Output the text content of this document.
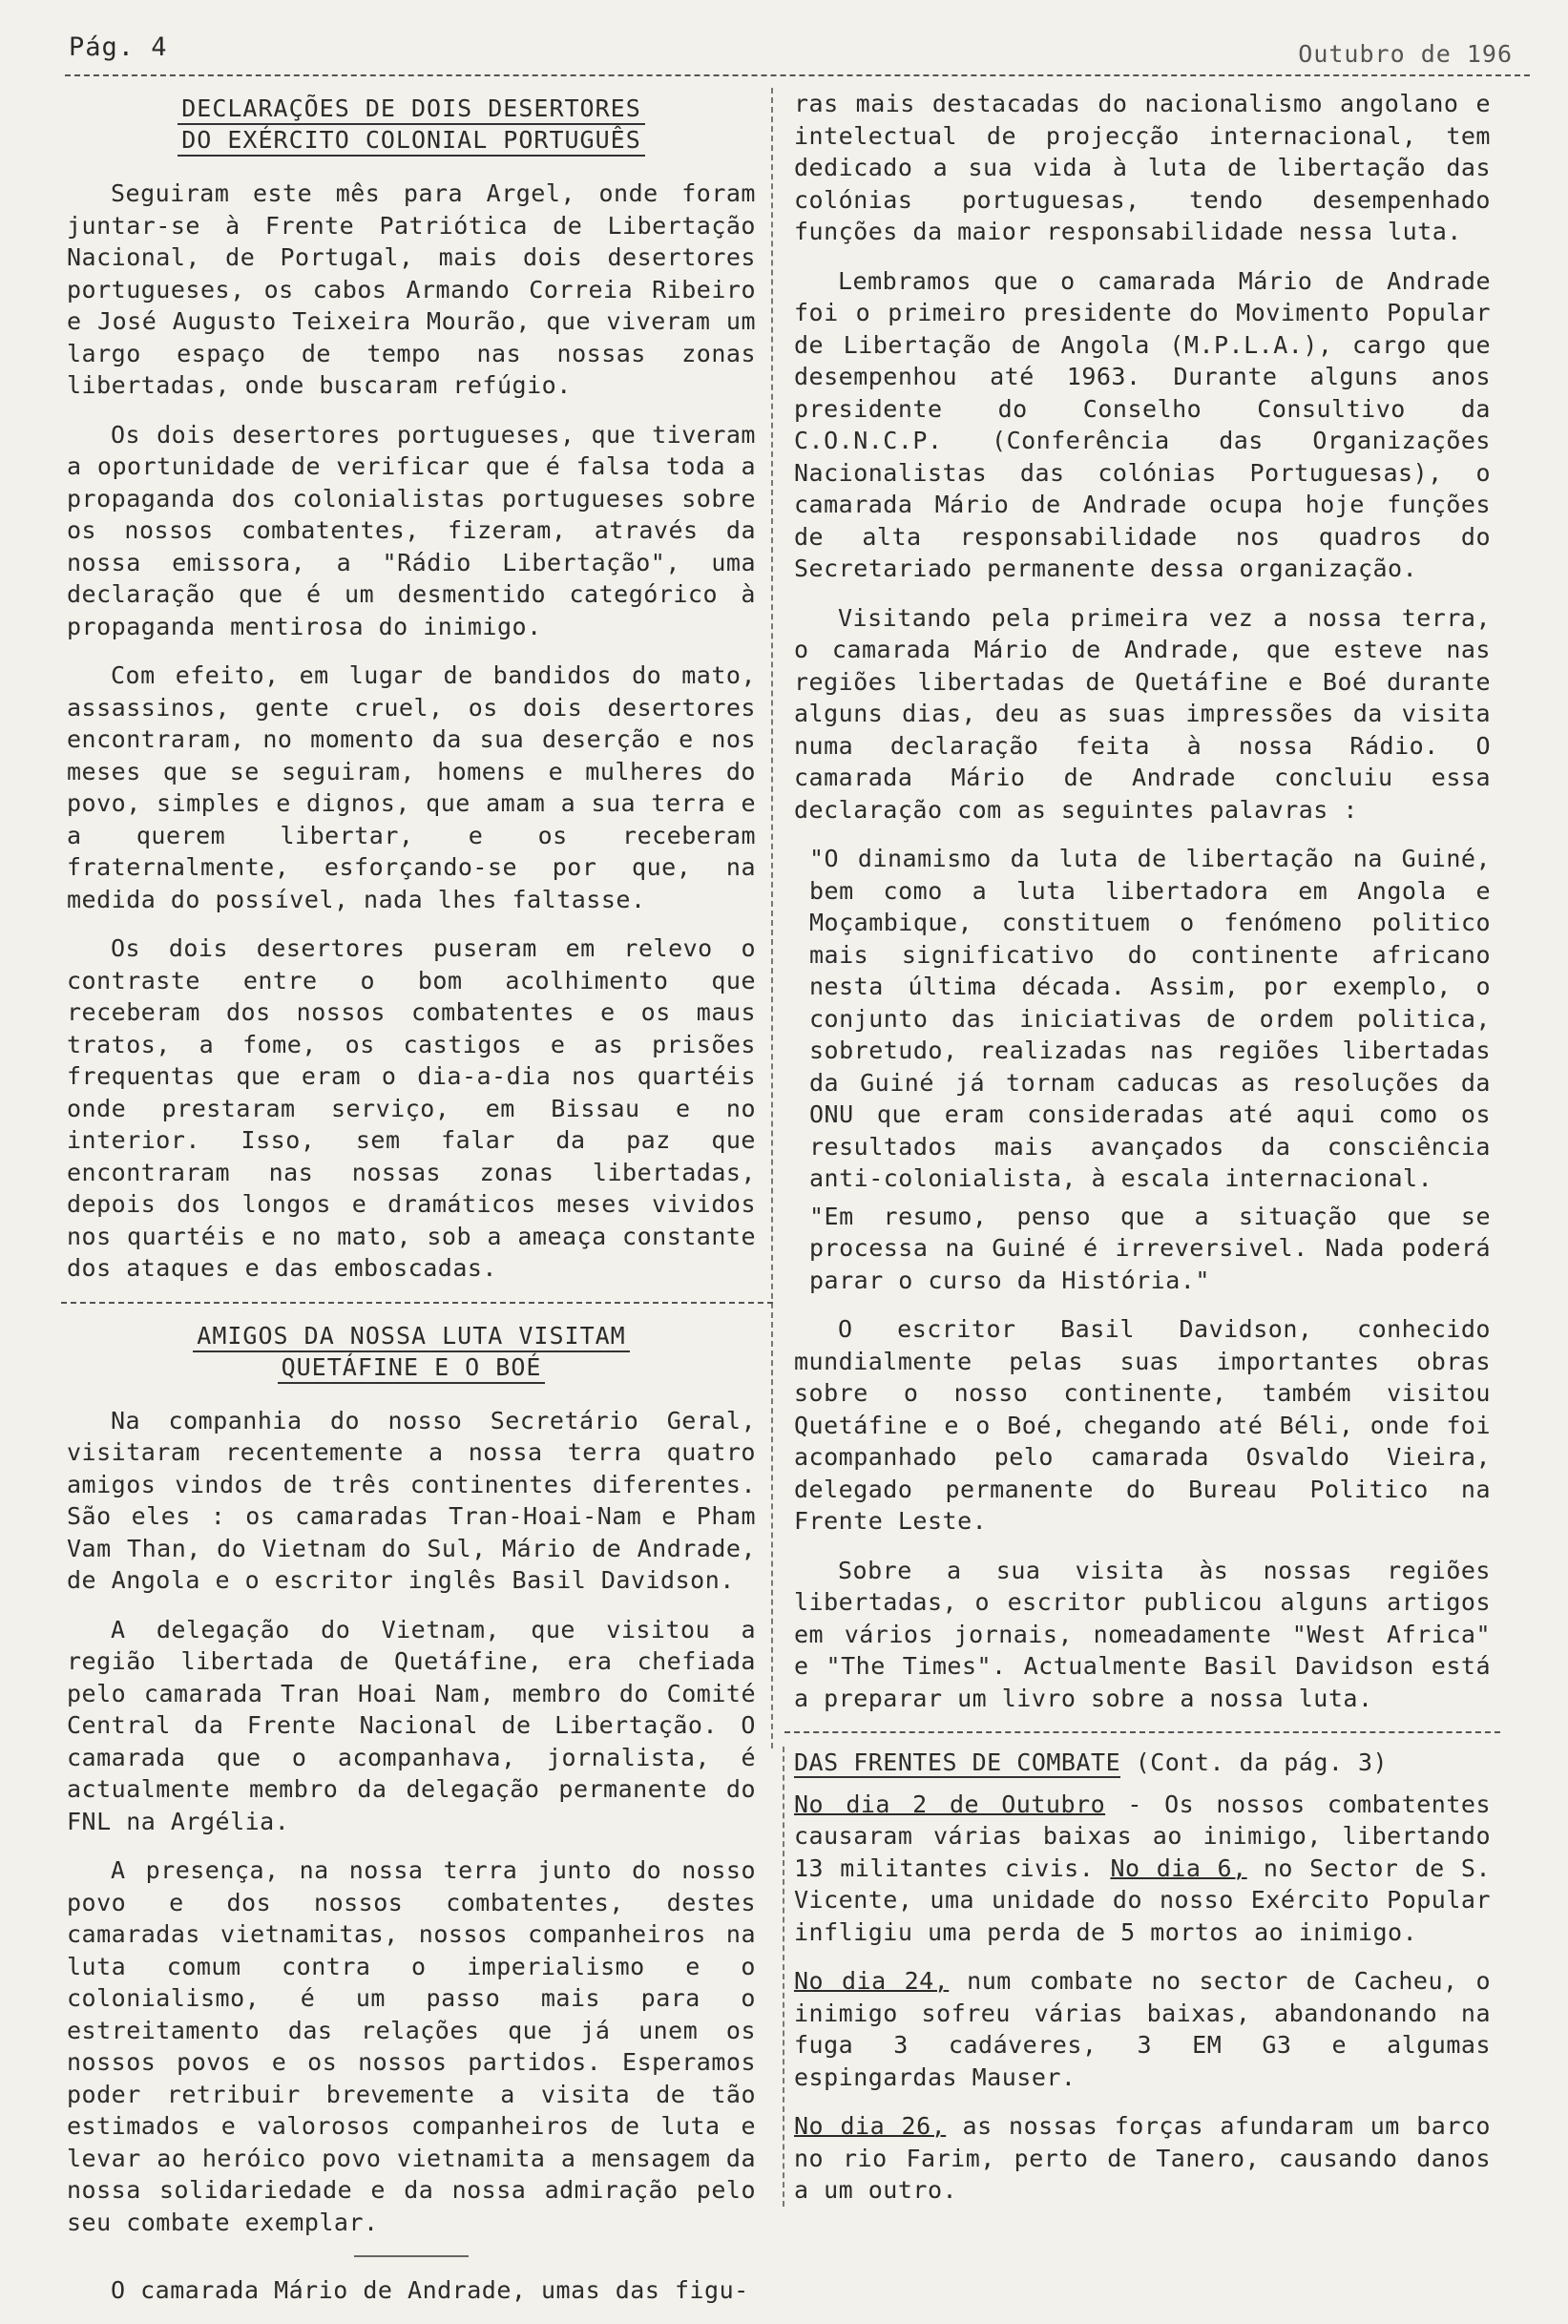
Pág. 4	Outubro de 196
DECLARAÇÕES DE DOIS DESERTORES
DO EXÉRCITO COLONIAL PORTUGUÊS

Seguiram este mês para Argel, onde foram juntar-se à Frente Patriótica de Libertação Nacional, de Portugal, mais dois desertores portugueses, os cabos Armando Correia Ribeiro e José Augusto Teixeira Mourão, que viveram um largo espaço de tempo nas nossas zonas libertadas, onde buscaram refúgio.

Os dois desertores portugueses, que tiveram a oportunidade de verificar que é falsa toda a propaganda dos colonialistas portugueses sobre os nossos combatentes, fizeram, através da nossa emissora, a "Rádio Libertação", uma declaração que é um desmentido categórico à propaganda mentirosa do inimigo.

Com efeito, em lugar de bandidos do mato, assassinos, gente cruel, os dois desertores encontraram, no momento da sua deserção e nos meses que se seguiram, homens e mulheres do povo, simples e dignos, que amam a sua terra e a querem libertar, e os receberam fraternalmente, esforçando-se por que, na medida do possível, nada lhes faltasse.

Os dois desertores puseram em relevo o contraste entre o bom acolhimento que receberam dos nossos combatentes e os maus tratos, a fome, os castigos e as prisões frequentas que eram o dia-a-dia nos quartéis onde prestaram serviço, em Bissau e no interior. Isso, sem falar da paz que encontraram nas nossas zonas libertadas, depois dos longos e dramáticos meses vividos nos quartéis e no mato, sob a ameaça constante dos ataques e das emboscadas.

AMIGOS DA NOSSA LUTA VISITAM
QUETÁFINE E O BOÉ

Na companhia do nosso Secretário Geral, visitaram recentemente a nossa terra quatro amigos vindos de três continentes diferentes. São eles : os camaradas Tran-Hoai-Nam e Pham Vam Than, do Vietnam do Sul, Mário de Andrade, de Angola e o escritor inglês Basil Davidson.

A delegação do Vietnam, que visitou a região libertada de Quetáfine, era chefiada pelo camarada Tran Hoai Nam, membro do Comité Central da Frente Nacional de Libertação. O camarada que o acompanhava, jornalista, é actualmente membro da delegação permanente do FNL na Argélia.

A presença, na nossa terra junto do nosso povo e dos nossos combatentes, destes camaradas vietnamitas, nossos companheiros na luta comum contra o imperialismo e o colonialismo, é um passo mais para o estreitamento das relações que já unem os nossos povos e os nossos partidos. Esperamos poder retribuir brevemente a visita de tão estimados e valorosos companheiros de luta e levar ao heróico povo vietnamita a mensagem da nossa solidariedade e da nossa admiração pelo seu combate exemplar.

O camarada Mário de Andrade, umas das figu-

ras mais destacadas do nacionalismo angolano e intelectual de projecção internacional, tem dedicado a sua vida à luta de libertação das colónias portuguesas, tendo desempenhado funções da maior responsabilidade nessa luta.

Lembramos que o camarada Mário de Andrade foi o primeiro presidente do Movimento Popular de Libertação de Angola (M.P.L.A.), cargo que desempenhou até 1963. Durante alguns anos presidente do Conselho Consultivo da C.O.N.C.P. (Conferência das Organizações Nacionalistas das colónias Portuguesas), o camarada Mário de Andrade ocupa hoje funções de alta responsabilidade nos quadros do Secretariado permanente dessa organização.

Visitando pela primeira vez a nossa terra, o camarada Mário de Andrade, que esteve nas regiões libertadas de Quetáfine e Boé durante alguns dias, deu as suas impressões da visita numa declaração feita à nossa Rádio. O camarada Mário de Andrade concluiu essa declaração com as seguintes palavras :

"O dinamismo da luta de libertação na Guiné, bem como a luta libertadora em Angola e Moçambique, constituem o fenómeno politico mais significativo do continente africano nesta última década. Assim, por exemplo, o conjunto das iniciativas de ordem politica, sobretudo, realizadas nas regiões libertadas da Guiné já tornam caducas as resoluções da ONU que eram consideradas até aqui como os resultados mais avançados da consciência anti-colonialista, à escala internacional.

"Em resumo, penso que a situação que se processa na Guiné é irreversivel. Nada poderá parar o curso da História."

O escritor Basil Davidson, conhecido mundialmente pelas suas importantes obras sobre o nosso continente, também visitou Quetáfine e o Boé, chegando até Béli, onde foi acompanhado pelo camarada Osvaldo Vieira, delegado permanente do Bureau Politico na Frente Leste.

Sobre a sua visita às nossas regiões libertadas, o escritor publicou alguns artigos em vários jornais, nomeadamente "West Africa" e "The Times". Actualmente Basil Davidson está a preparar um livro sobre a nossa luta.

DAS FRENTES DE COMBATE (Cont. da pág. 3)

No dia 2 de Outubro - Os nossos combatentes causaram várias baixas ao inimigo, libertando 13 militantes civis. No dia 6, no Sector de S. Vicente, uma unidade do nosso Exército Popular infligiu uma perda de 5 mortos ao inimigo.

No dia 24, num combate no sector de Cacheu, o inimigo sofreu várias baixas, abandonando na fuga 3 cadáveres, 3 EM G3 e algumas espingardas Mauser.

No dia 26, as nossas forças afundaram um barco no rio Farim, perto de Tanero, causando danos a um outro.
